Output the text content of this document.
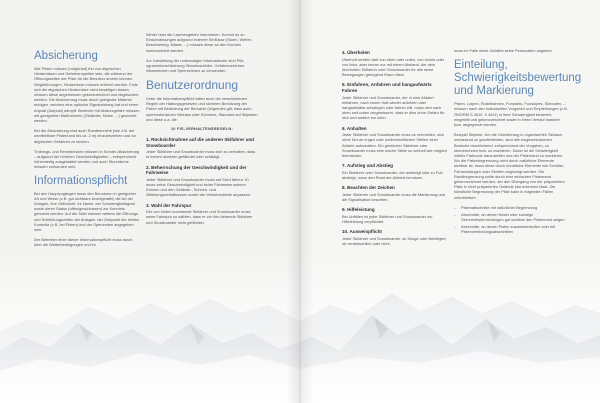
Absicherung

Alle Pisten müssen (möglichst) frei von atypischen Hindernissen und Gefahrenquellen sein, die während der Öffnungszeiten der Piste für die Benutzer drohen können. Wegeführungen, Hindernisse müssen entfernt werden. Falls sich die atypischen Hindernisse nicht beseitigen lassen, müssen diese angemessen gekennzeichnet und abgesichert werden. Die Absicherung muss durch geeignete Material erfolgen, welches eine optische Signalwirkung hat und einen Anprall (Aufprall) dämpft. Bereiche mit Absturzgefahr müssen mit geeigneten Maßnahmen (Geländer, Netze, ...) gesichert werden.

Bei der Absicherung sind auch Randbereiche (wie z.B. der unmittelbare Pistenrand bis ca. 2 m) einzubeziehen und vor atypischen Gefahren zu sichern.

Trainings- und Rennstrecken müssen in Sonder-Absicherung – aufgrund der höheren Geschwindigkeiten – entsprechend höherwertig ausgestattet werden und auch Sturzräume müssen vorhanden sein.

Informationspflicht

Bei den Hauptzugängen muss den Benutzern in geeigneter Art und Weise (z.B. gut sichtbare Anzeigetafel) die Art der Anlagen, ihre Örtlichkeit, ihr Name, der Schwierigkeitsgrad sowie deren Status (offen/geschlossen) zur Kenntnis gebracht werden. Auf der Tafel müssen weiters die Öffnungs- und Schließungszeiten der Anlagen, der Zeitpunkt der letzten Kontrolle (z.B. bei Pisten) und der Sperrzeiten angegeben sein.

Der Betreiber einer dieser Informationspflicht muss durch über die Wetterbedingungen und im

Winter über die Lawinengefahr informieren. Kommt es zu Einschränkungen aufgrund externer Einflüsse (Sturm, Wetter, Beschneiung, Nässe, ...) müssen diese an den Kunden kommuniziert werden.

Zur Darstellung der notwendigen Informationen sind Pikt- ogrammbeschilderung Hinweisschilder, Gefahrenzeichen, Warnzeichen und Sperrzeichen zu verwenden.

Benutzerordnung

Unter die Informationspflicht fallen auch die verschiedenen Regeln der Haltungsgesetzen und sicheren Benützung der Pisten mit Bedeutung der Benutzer (folgendes gilt, dass auch sportmotorischen Niveaus oder Könnens, Standard auf Skipisten und diese u.a. die

10 FIS-VERHALTENSREGELN:
1. Rücksichtnahme auf die anderen Skifahrer und Snowboarder

Jeder Skifahrer und Snowboarder muss sich so verhalten, dass er keinen anderen gefährdet oder schädigt.

2. Beherrschung der Geschwindigkeit und der Fahrweise

Jeder Skifahrer und Snowboarder muss auf Sicht fahren. Er muss seine Geschwindigkeit und seine Fahrweise seinem Können und den Gelände-, Schnee- und Witterungsverhältnissen sowie der Verkehrsdichte anpassen.

3. Wahl der Fahrspur

Der von hinten kommende Skifahrer und Snowboarder muss seine Fahrspur so wählen, dass er vor ihm fahrende Skifahrer und Snowboarder nicht gefährdet.

4. Überholen

Überholt werden darf von oben oder unten, von rechts oder von links, aber immer nur mit einem Abstand, der dem überholten Skifahrer oder Snowboarder für alle seine Bewegungen genügend Raum lässt.

5. Einfahren, Anfahren und hangaufwärts Fahren

Jeder Skifahrer und Snowboarder, der in eine Abfahrt einfahren, nach einem Halt wieder anfahren oder hangaufwärts schwingen oder fahren will, muss sich nach oben und unten vergewissern, dass er dies ohne Gefahr für sich und andere tun kann.

6. Anhalten

Jeder Skifahrer und Snowboarder muss es vermeiden, sich ohne Not an engen oder unübersichtlichen Stellen einer Abfahrt aufzuhalten. Ein gestürzter Skifahrer oder Snowboarder muss eine solche Stelle so schnell wie möglich freimachen.

7. Aufstieg und Abstieg

Ein Skifahrer oder Snowboarder, der aufsteigt oder zu Fuß absteigt, muss den Rand der Abfahrt benutzen.

8. Beachten der Zeichen

Jeder Skifahrer und Snowboarder muss die Markierung und die Signalisation beachten.

9. Hilfeleistung

Bei Unfällen ist jeder Skifahrer und Snowboarder zur Hilfeleistung verpflichtet.

10. Ausweispflicht

Jeder Skifahrer und Snowboarder, ob Zeuge oder Beteiligter, ob verantwortlich oder nicht,

muss im Falle eines Unfalles seine Personalien angeben.

Einteilung, Schwierigkeitsbewertung und Markierung

Pisten, Loipen, Rodelbahnen, Funparks, Funslopes, Skirouten, ... müssen nach den individuellen Vorgaben und Empfehlungen (z.B. ÖNORM S 4610, S 4611) in ihrer Schwierigkeit bewertet, eingeteilt und gekennzeichnet sowie in ihrem Verlauf markiert bzw. abgegrenzt werden.

Beispiel Skipiste: Um die Orientierung in organisierten Skiraum umfassend zu gewährleisten, sind alle eingeschlossenen Bereiche durchlichend, entsprechend der Vorgaben, zu kennzeichnen bzw. zu markieren. Dabei ist die Schwierigkeit mittels Farbcode darzustellen und der Pistenrand zu markieren. Wo die Pistenbegrenzung nicht durch natürliche Elemente sichtbar ist, muss diese durch künstliche Elemente wie Schilder, Fahnenstangen oder Streifen angezeigt werden. Die Randbegrenzung sollte durch eine einfachen Pistenrand gekennzeichnet werden, der den Übergang von der präparierten Piste in nicht präpariertes Gelände klar erkennen lässt. Die künstliche Begrenzung der Piste kann in folgenden Fällen unterbleiben:

– Pistenabschnitte mit natürlicher Begrenzung
– Abschnitte, an denen Nebel oder sonstige Sicherheitseinrichtungen gut sichtbar den Pistenrand zeigen
– Abschnitte, an denen Pisten zusammenlaufen oder bei Pistenverbindungsabschnitten
